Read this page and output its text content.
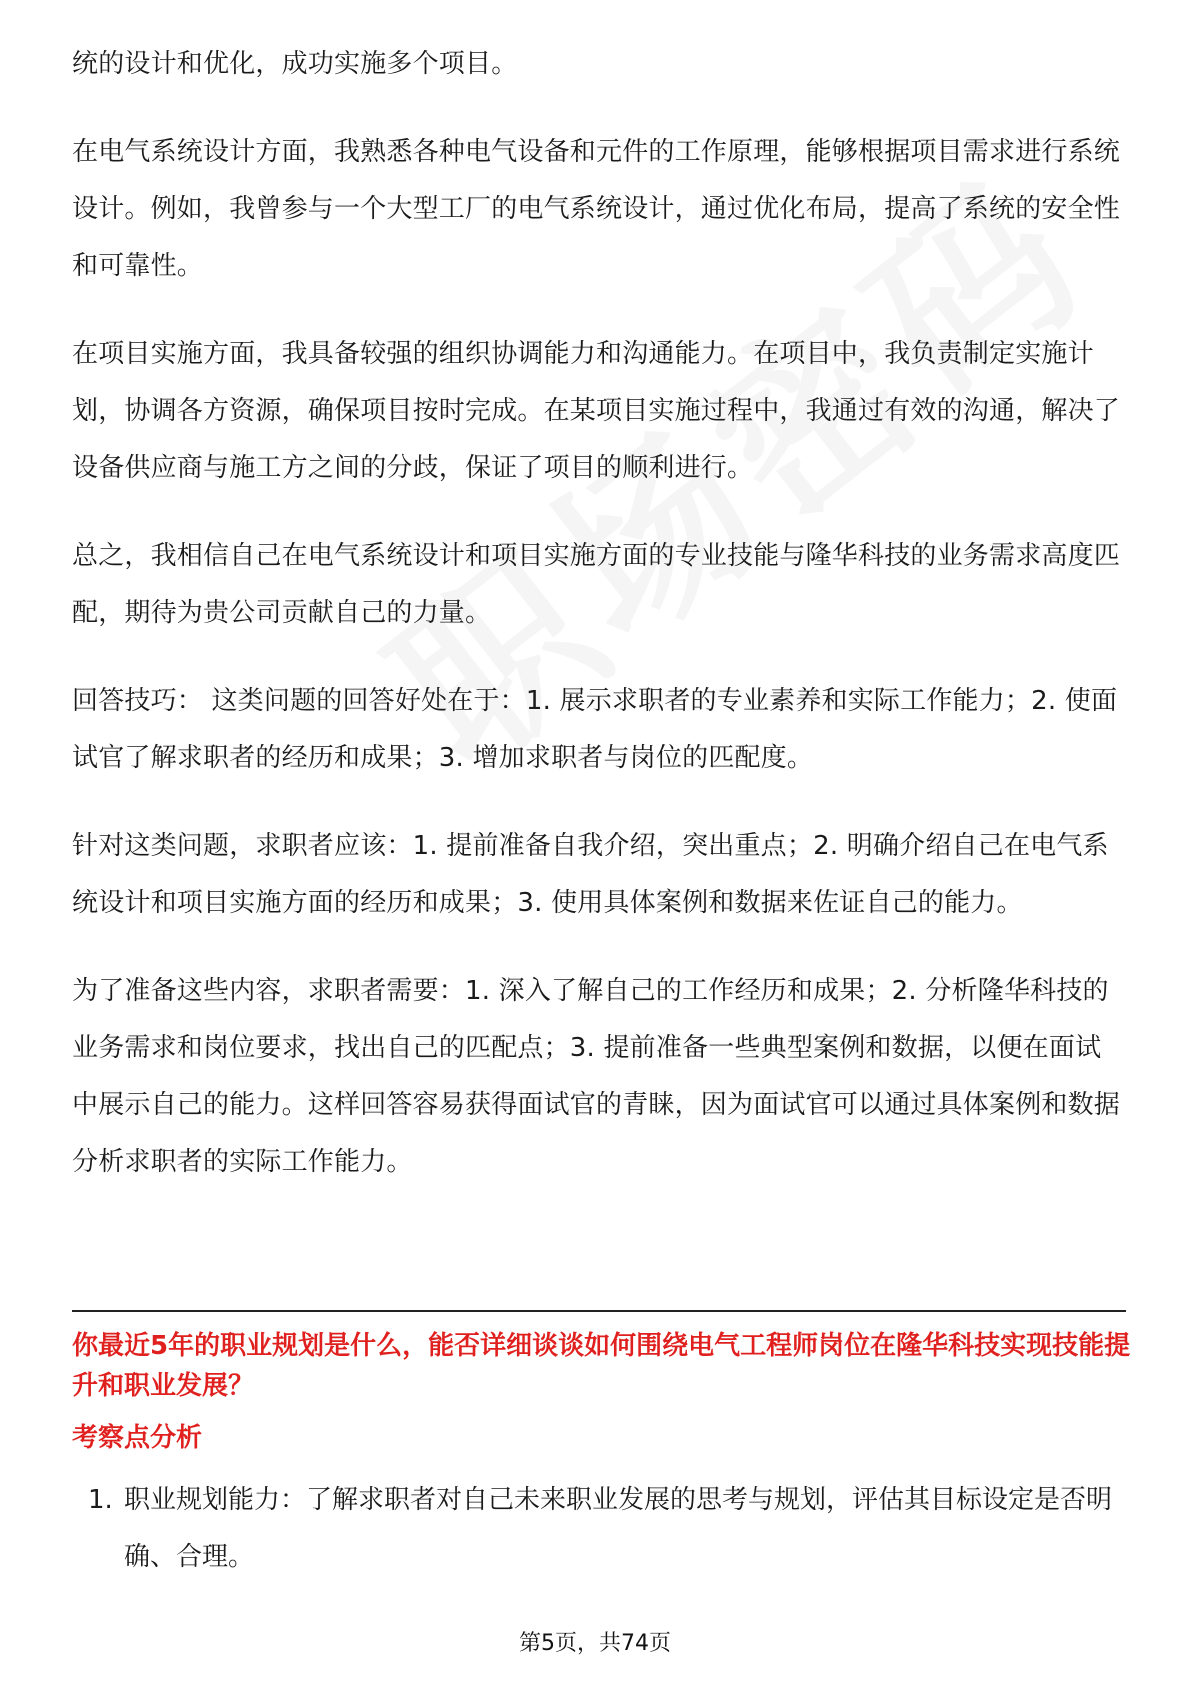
统的设计和优化，成功实施多个项目。

在电气系统设计方面，我熟悉各种电气设备和元件的工作原理，能够根据项目需求进行系统设计。例如，我曾参与一个大型工厂的电气系统设计，通过优化布局，提高了系统的安全性和可靠性。

在项目实施方面，我具备较强的组织协调能力和沟通能力。在项目中，我负责制定实施计划，协调各方资源，确保项目按时完成。在某项目实施过程中，我通过有效的沟通，解决了设备供应商与施工方之间的分歧，保证了项目的顺利进行。

总之，我相信自己在电气系统设计和项目实施方面的专业技能与隆华科技的业务需求高度匹配，期待为贵公司贡献自己的力量。

回答技巧： 这类问题的回答好处在于：1. 展示求职者的专业素养和实际工作能力；2. 使面试官了解求职者的经历和成果；3. 增加求职者与岗位的匹配度。

针对这类问题，求职者应该：1. 提前准备自我介绍，突出重点；2. 明确介绍自己在电气系统设计和项目实施方面的经历和成果；3. 使用具体案例和数据来佐证自己的能力。

为了准备这些内容，求职者需要：1. 深入了解自己的工作经历和成果；2. 分析隆华科技的业务需求和岗位要求，找出自己的匹配点；3. 提前准备一些典型案例和数据，以便在面试中展示自己的能力。这样回答容易获得面试官的青睐，因为面试官可以通过具体案例和数据分析求职者的实际工作能力。

你最近5年的职业规划是什么，能否详细谈谈如何围绕电气工程师岗位在隆华科技实现技能提升和职业发展？

考察点分析

1. 职业规划能力：了解求职者对自己未来职业发展的思考与规划，评估其目标设定是否明确、合理。
第5页，共74页
